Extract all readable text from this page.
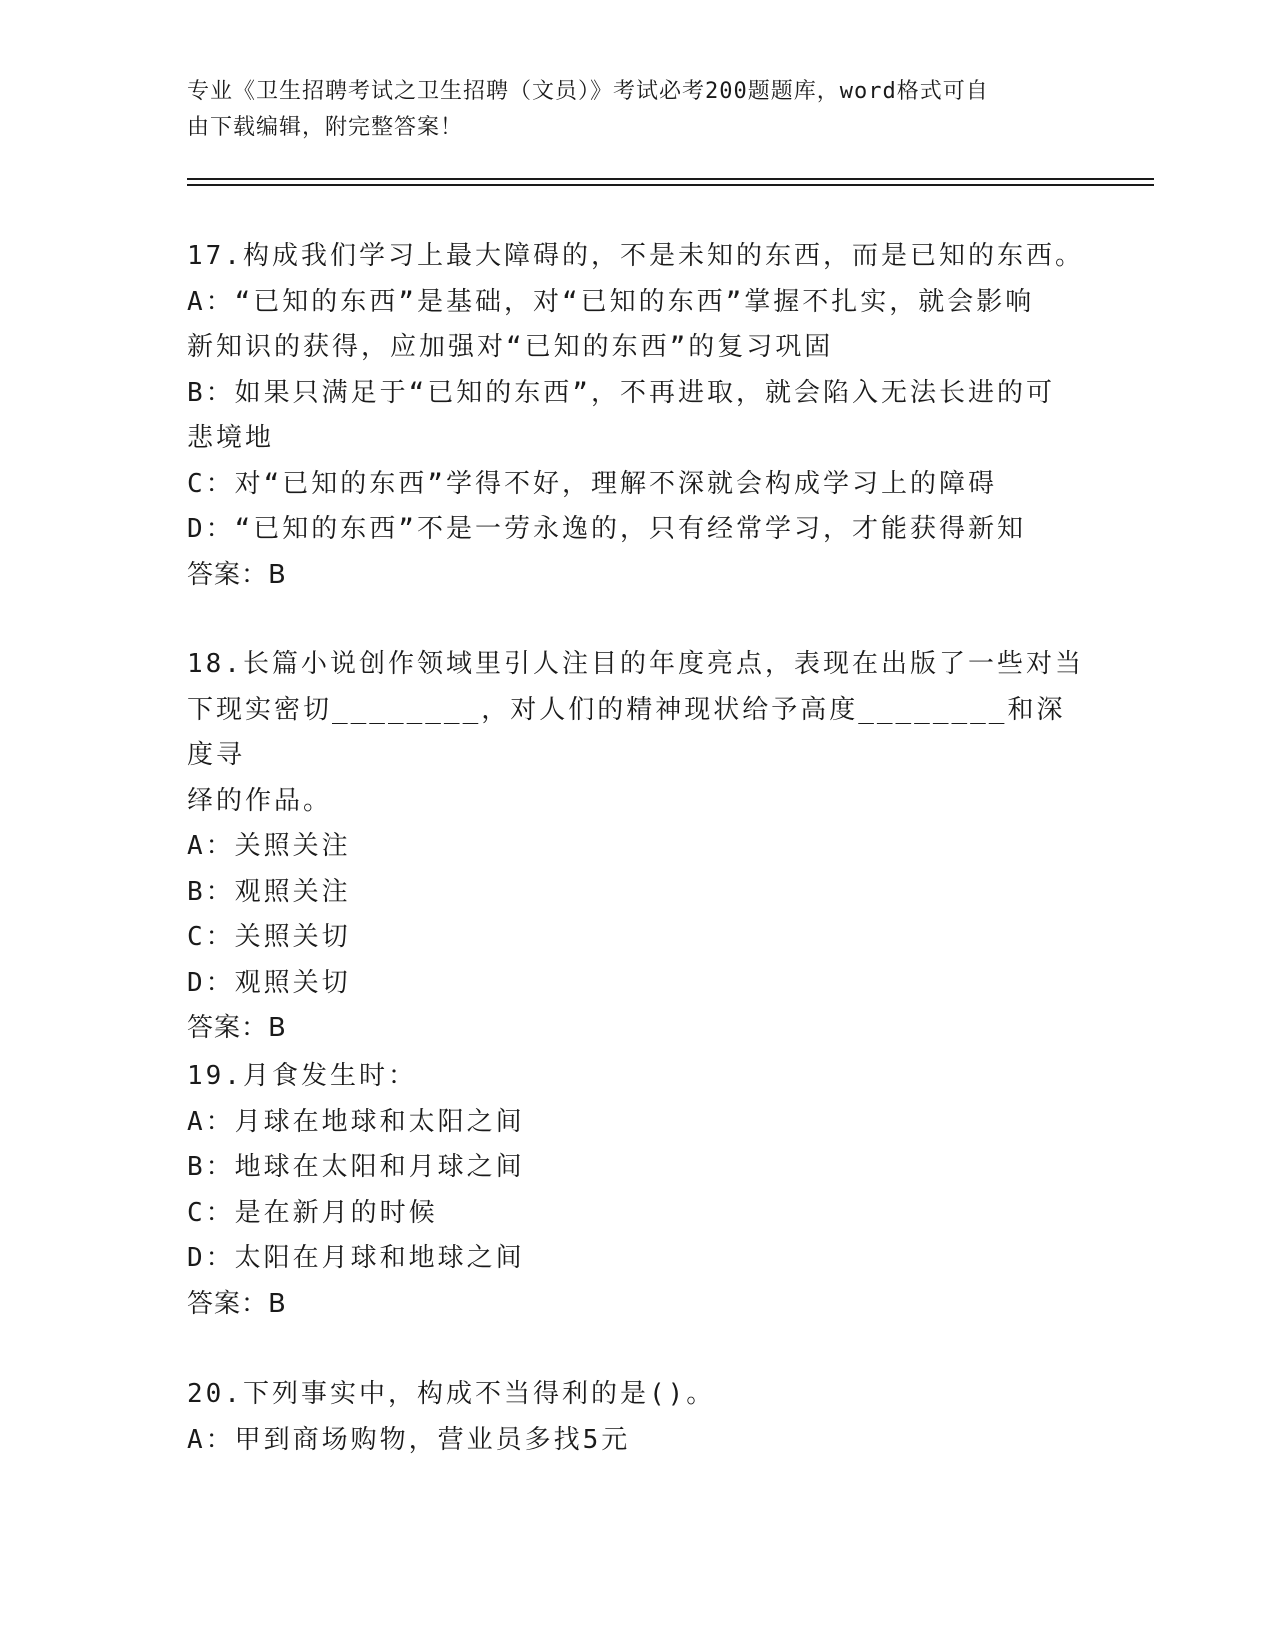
专业《卫生招聘考试之卫生招聘（文员）》考试必考200题题库，word格式可自
由下载编辑，附完整答案！
17.构成我们学习上最大障碍的，不是未知的东西，而是已知的东西。
A：“已知的东西”是基础，对“已知的东西”掌握不扎实，就会影响
新知识的获得，应加强对“已知的东西”的复习巩固
B：如果只满足于“已知的东西”，不再进取，就会陷入无法长进的可
悲境地
C：对“已知的东西”学得不好，理解不深就会构成学习上的障碍
D：“已知的东西”不是一劳永逸的，只有经常学习，才能获得新知
答案：B
18.长篇小说创作领域里引人注目的年度亮点，表现在出版了一些对当
下现实密切________，对人们的精神现状给予高度________和深度寻
绎的作品。
A：关照关注
B：观照关注
C：关照关切
D：观照关切
答案：B
19.月食发生时：
A：月球在地球和太阳之间
B：地球在太阳和月球之间
C：是在新月的时候
D：太阳在月球和地球之间
答案：B
20.下列事实中，构成不当得利的是()。
A：甲到商场购物，营业员多找5元
